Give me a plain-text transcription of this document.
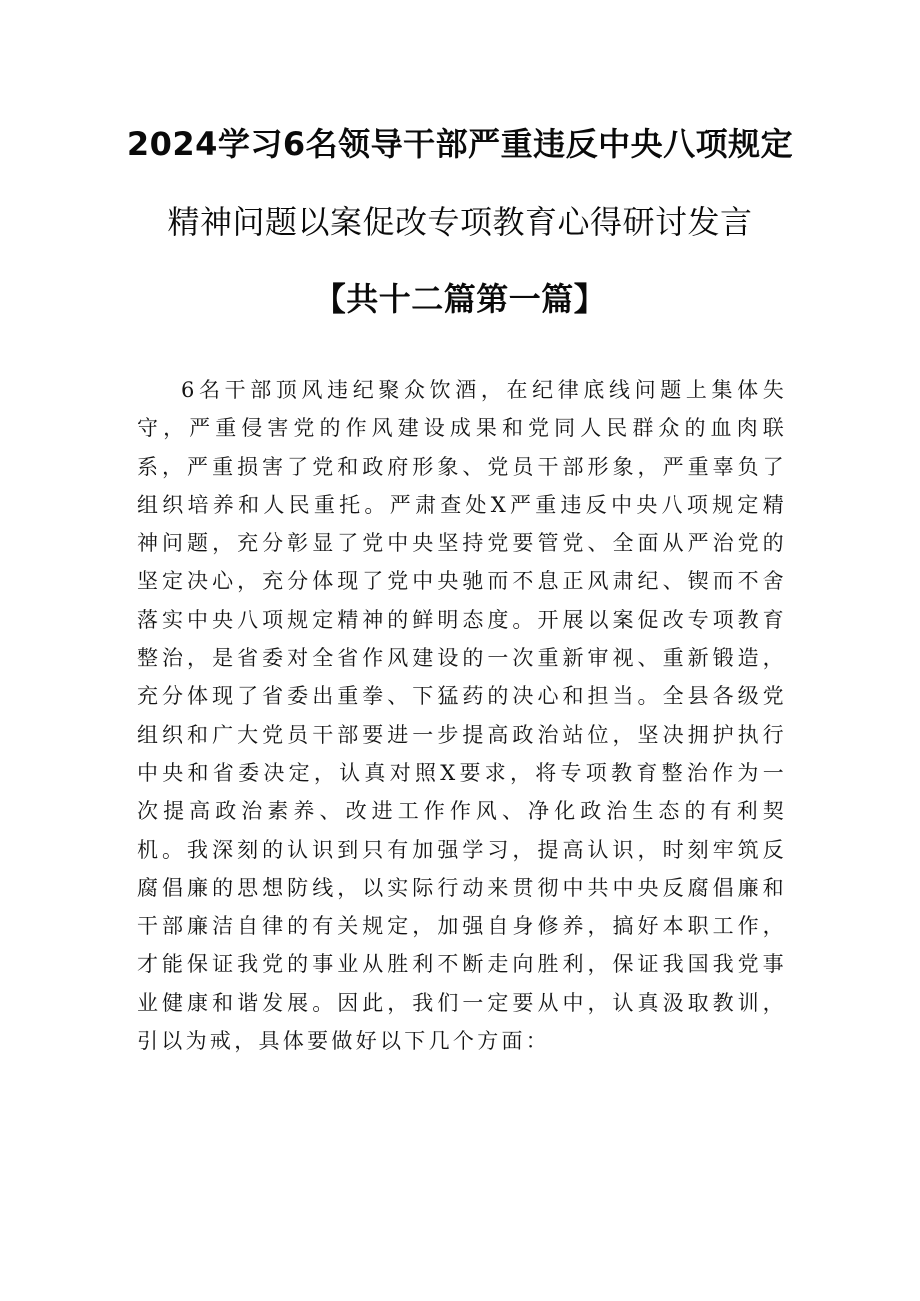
2024学习6名领导干部严重违反中央八项规定
精神问题以案促改专项教育心得研讨发言
【共十二篇第一篇】

6名干部顶风违纪聚众饮酒，在纪律底线问题上集体失守，严重侵害党的作风建设成果和党同人民群众的血肉联系，严重损害了党和政府形象、党员干部形象，严重辜负了组织培养和人民重托。严肃查处X严重违反中央八项规定精神问题，充分彰显了党中央坚持党要管党、全面从严治党的坚定决心，充分体现了党中央驰而不息正风肃纪、锲而不舍落实中央八项规定精神的鲜明态度。开展以案促改专项教育整治，是省委对全省作风建设的一次重新审视、重新锻造，充分体现了省委出重拳、下猛药的决心和担当。全县各级党组织和广大党员干部要进一步提高政治站位，坚决拥护执行中央和省委决定，认真对照X要求，将专项教育整治作为一次提高政治素养、改进工作作风、净化政治生态的有利契机。我深刻的认识到只有加强学习，提高认识，时刻牢筑反腐倡廉的思想防线，以实际行动来贯彻中共中央反腐倡廉和干部廉洁自律的有关规定，加强自身修养，搞好本职工作，才能保证我党的事业从胜利不断走向胜利，保证我国我党事业健康和谐发展。因此，我们一定要从中，认真汲取教训，引以为戒，具体要做好以下几个方面：
